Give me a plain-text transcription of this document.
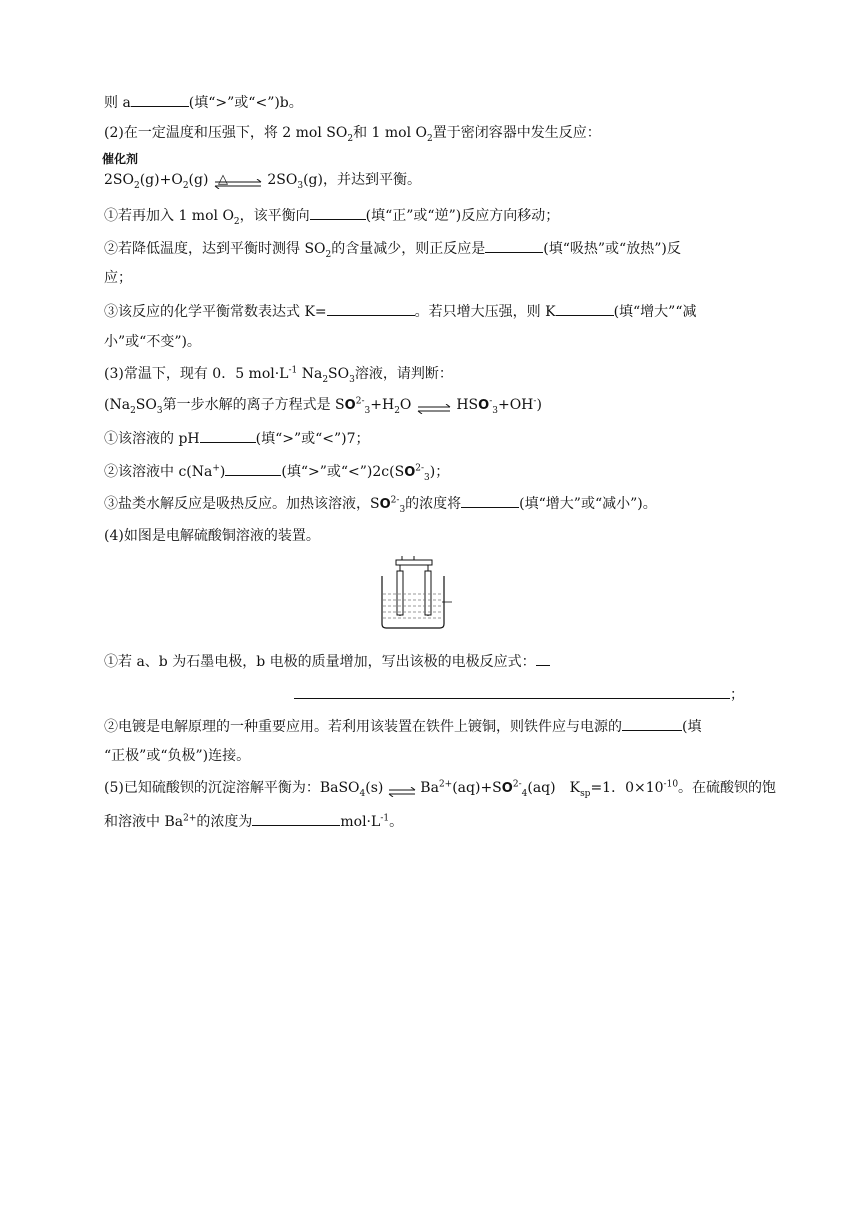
则 a	(填“>”或“<”)b。
(2)在一定温度和压强下，将 2 mol $SO_2$和 1 mol $O_2$置于密闭容器中发生反应：
催化剂
△
$2SO_2(g)+O_2(g)$ ⇌ $2SO_3(g)$，并达到平衡。
①若再加入 1 mol $O_2$，该平衡向	(填“正”或“逆”)反应方向移动；
②若降低温度，达到平衡时测得 $SO_2$的含量减少，则正反应是	(填“吸热”或“放热”)反
应；
③该反应的化学平衡常数表达式 K=	。若只增大压强，则 K	(填“增大”“减
小”或“不变”)。
(3)常温下，现有 0．5 $mol\cdot L^{-1}$ $Na_2SO_3$溶液，请判断：
($Na_2SO_3$第一步水解的离子方程式是 $SO^{2-}_3+H_2O$ ⇌ $HSO^-_3+OH^-$)
①该溶液的 pH	(填“>”或“<”)7；
②该溶液中 c(Na+)	(填“>”或“$<”)2c(SO^{2-}_3)$；
③盐类水解反应是吸热反应。加热该溶液，$SO^{2-}_3$的浓度将	(填“增大”或“减小”)。
(4)如图是电解硫酸铜溶液的装置。
①若 a、b 为石墨电极，b 电极的质量增加，写出该极的电极反应式：
；
②电镀是电解原理的一种重要应用。若利用该装置在铁件上镀铜，则铁件应与电源的	(填
“正极”或“负极”)连接。
(5)已知硫酸钡的沉淀溶解平衡为：BaSO$_4$(s) ⇌ $Ba^{2+}(aq)+SO^{2-}_4(aq)$　$K_{sp}=1$．$0\times 10^{-10}$。在硫酸钡的饱
和溶液中 $Ba^{2+}$的浓度为	$mol\cdot L^{-1}$。
